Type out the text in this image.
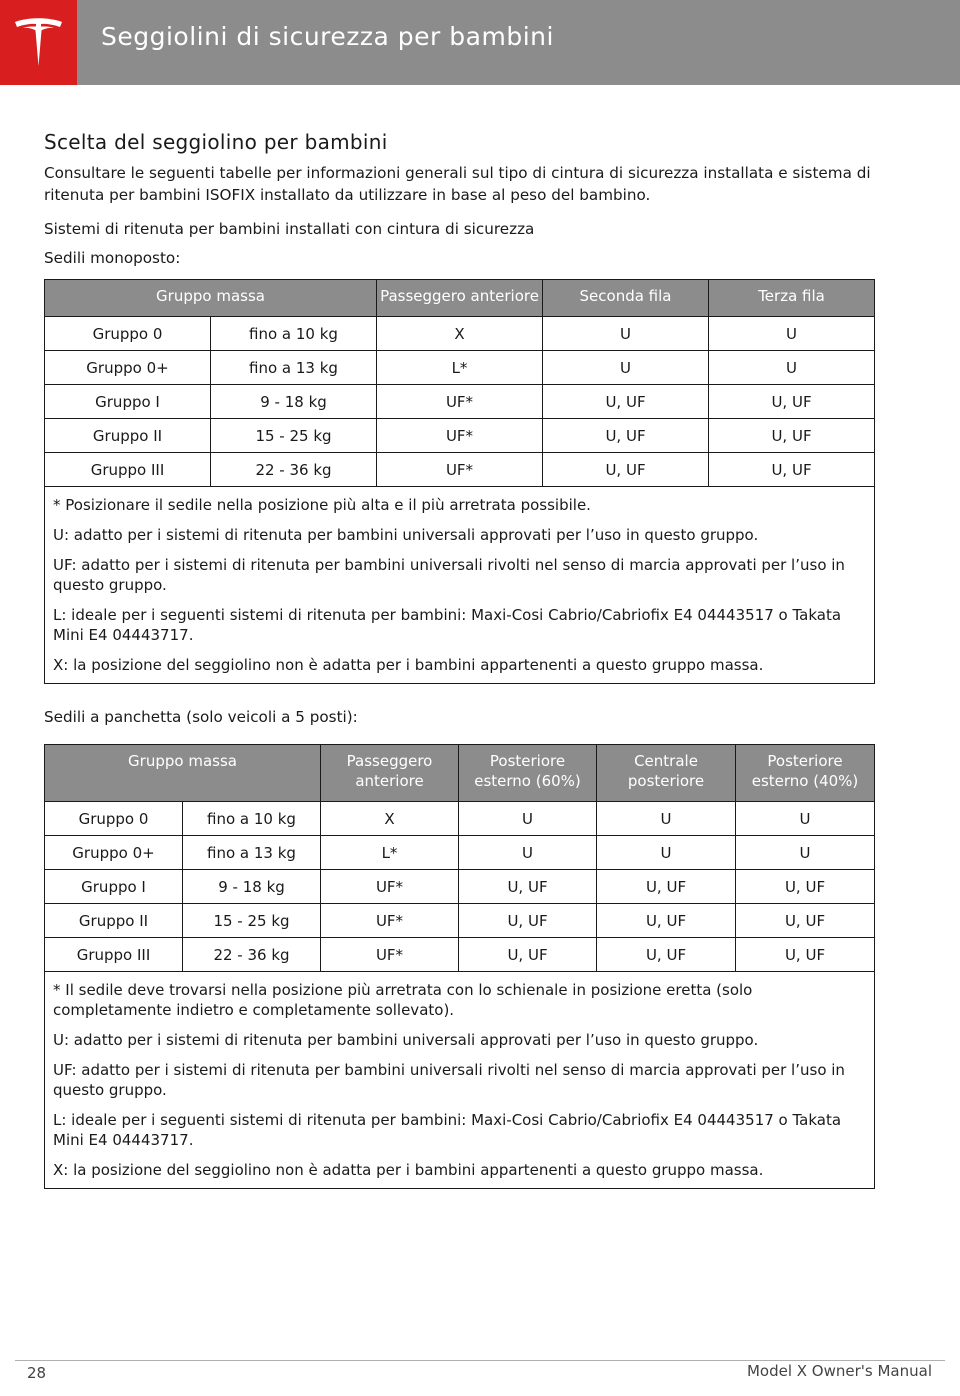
Seggiolini di sicurezza per bambini
Scelta del seggiolino per bambini

Consultare le seguenti tabelle per informazioni generali sul tipo di cintura di sicurezza installata e sistema di ritenuta per bambini ISOFIX installato da utilizzare in base al peso del bambino.

Sistemi di ritenuta per bambini installati con cintura di sicurezza

Sedili monoposto:

Gruppo massa		Passeggero anteriore	Seconda fila	Terza fila
Gruppo 0	fino a 10 kg	X	U	U
Gruppo 0+	fino a 13 kg	L*	U	U
Gruppo I	9 - 18 kg	UF*	U, UF	U, UF
Gruppo II	15 - 25 kg	UF*	U, UF	U, UF
Gruppo III	22 - 36 kg	UF*	U, UF	U, UF

* Posizionare il sedile nella posizione più alta e il più arretrata possibile.
U: adatto per i sistemi di ritenuta per bambini universali approvati per l’uso in questo gruppo.
UF: adatto per i sistemi di ritenuta per bambini universali rivolti nel senso di marcia approvati per l’uso in questo gruppo.
L: ideale per i seguenti sistemi di ritenuta per bambini: Maxi-Cosi Cabrio/Cabriofix E4 04443517 o Takata Mini E4 04443717.
X: la posizione del seggiolino non è adatta per i bambini appartenenti a questo gruppo massa.				

Sedili a panchetta (solo veicoli a 5 posti):

Gruppo massa		Passeggero anteriore	Posteriore esterno (60%)	Centrale posteriore	Posteriore esterno (40%)
Gruppo 0	fino a 10 kg	X	U	U	U
Gruppo 0+	fino a 13 kg	L*	U	U	U
Gruppo I	9 - 18 kg	UF*	U, UF	U, UF	U, UF
Gruppo II	15 - 25 kg	UF*	U, UF	U, UF	U, UF
Gruppo III	22 - 36 kg	UF*	U, UF	U, UF	U, UF

* Il sedile deve trovarsi nella posizione più arretrata con lo schienale in posizione eretta (solo completamente indietro e completamente sollevato).
U: adatto per i sistemi di ritenuta per bambini universali approvati per l’uso in questo gruppo.
UF: adatto per i sistemi di ritenuta per bambini universali rivolti nel senso di marcia approvati per l’uso in questo gruppo.
L: ideale per i seguenti sistemi di ritenuta per bambini: Maxi-Cosi Cabrio/Cabriofix E4 04443517 o Takata Mini E4 04443717.
X: la posizione del seggiolino non è adatta per i bambini appartenenti a questo gruppo massa.					
28	Model X Owner's Manual
